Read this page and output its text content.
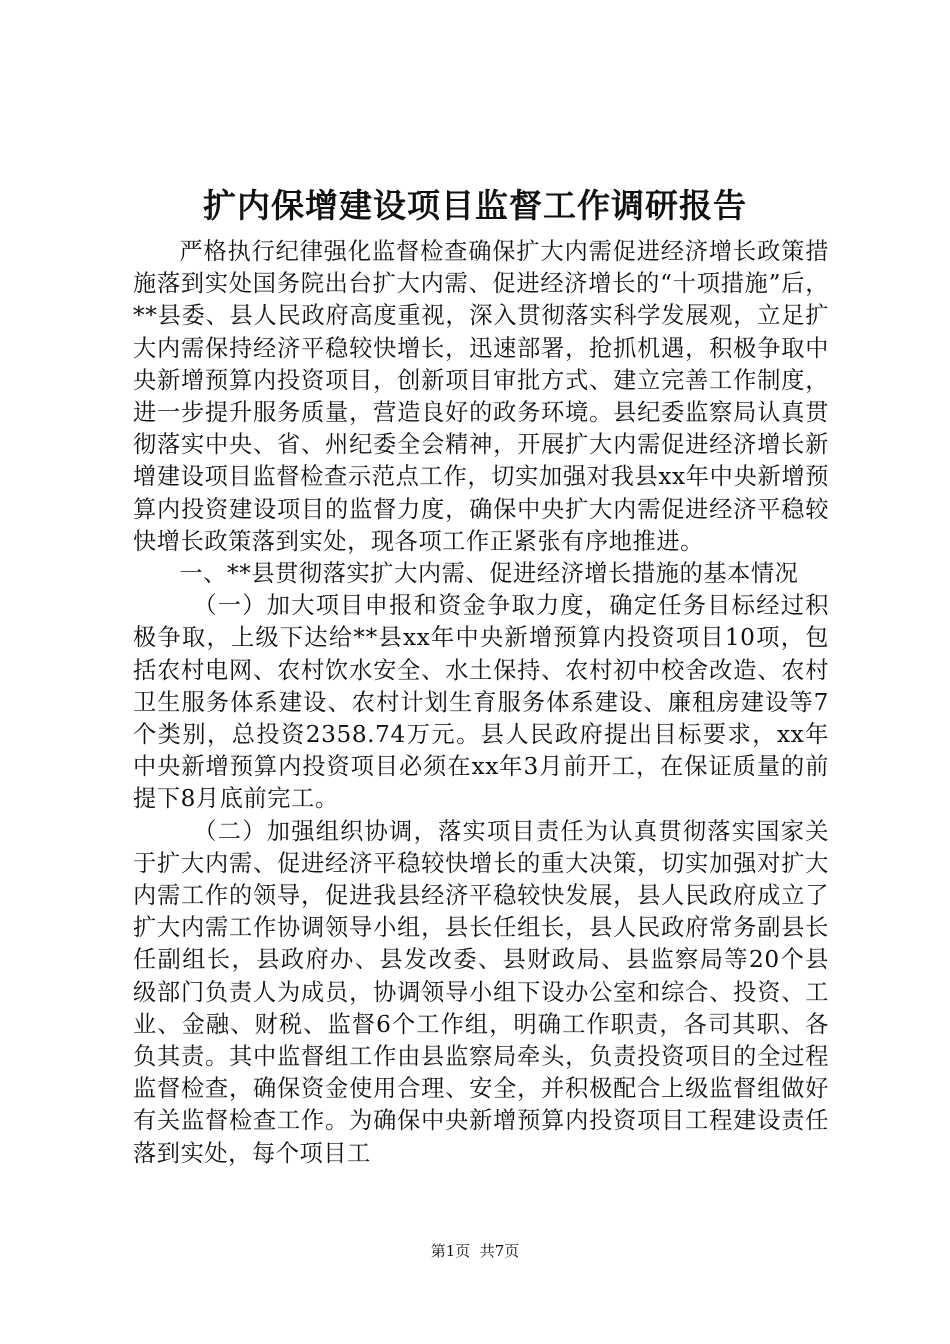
扩内保增建设项目监督工作调研报告

严格执行纪律强化监督检查确保扩大内需促进经济增长政策措施落到实处国务院出台扩大内需、促进经济增长的“十项措施”后，**县委、县人民政府高度重视，深入贯彻落实科学发展观，立足扩大内需保持经济平稳较快增长，迅速部署，抢抓机遇，积极争取中央新增预算内投资项目，创新项目审批方式、建立完善工作制度，进一步提升服务质量，营造良好的政务环境。县纪委监察局认真贯彻落实中央、省、州纪委全会精神，开展扩大内需促进经济增长新增建设项目监督检查示范点工作，切实加强对我县xx年中央新增预算内投资建设项目的监督力度，确保中央扩大内需促进经济平稳较快增长政策落到实处，现各项工作正紧张有序地推进。

一、**县贯彻落实扩大内需、促进经济增长措施的基本情况

（一）加大项目申报和资金争取力度，确定任务目标经过积极争取，上级下达给**县xx年中央新增预算内投资项目10项，包括农村电网、农村饮水安全、水土保持、农村初中校舍改造、农村卫生服务体系建设、农村计划生育服务体系建设、廉租房建设等7个类别，总投资2358.74万元。县人民政府提出目标要求，xx年中央新增预算内投资项目必须在xx年3月前开工，在保证质量的前提下8月底前完工。

（二）加强组织协调，落实项目责任为认真贯彻落实国家关于扩大内需、促进经济平稳较快增长的重大决策，切实加强对扩大内需工作的领导，促进我县经济平稳较快发展，县人民政府成立了扩大内需工作协调领导小组，县长任组长，县人民政府常务副县长任副组长，县政府办、县发改委、县财政局、县监察局等20个县级部门负责人为成员，协调领导小组下设办公室和综合、投资、工业、金融、财税、监督6个工作组，明确工作职责，各司其职、各负其责。其中监督组工作由县监察局牵头，负责投资项目的全过程监督检查，确保资金使用合理、安全，并积极配合上级监督组做好有关监督检查工作。为确保中央新增预算内投资项目工程建设责任落到实处，每个项目工

第1页  共7页
